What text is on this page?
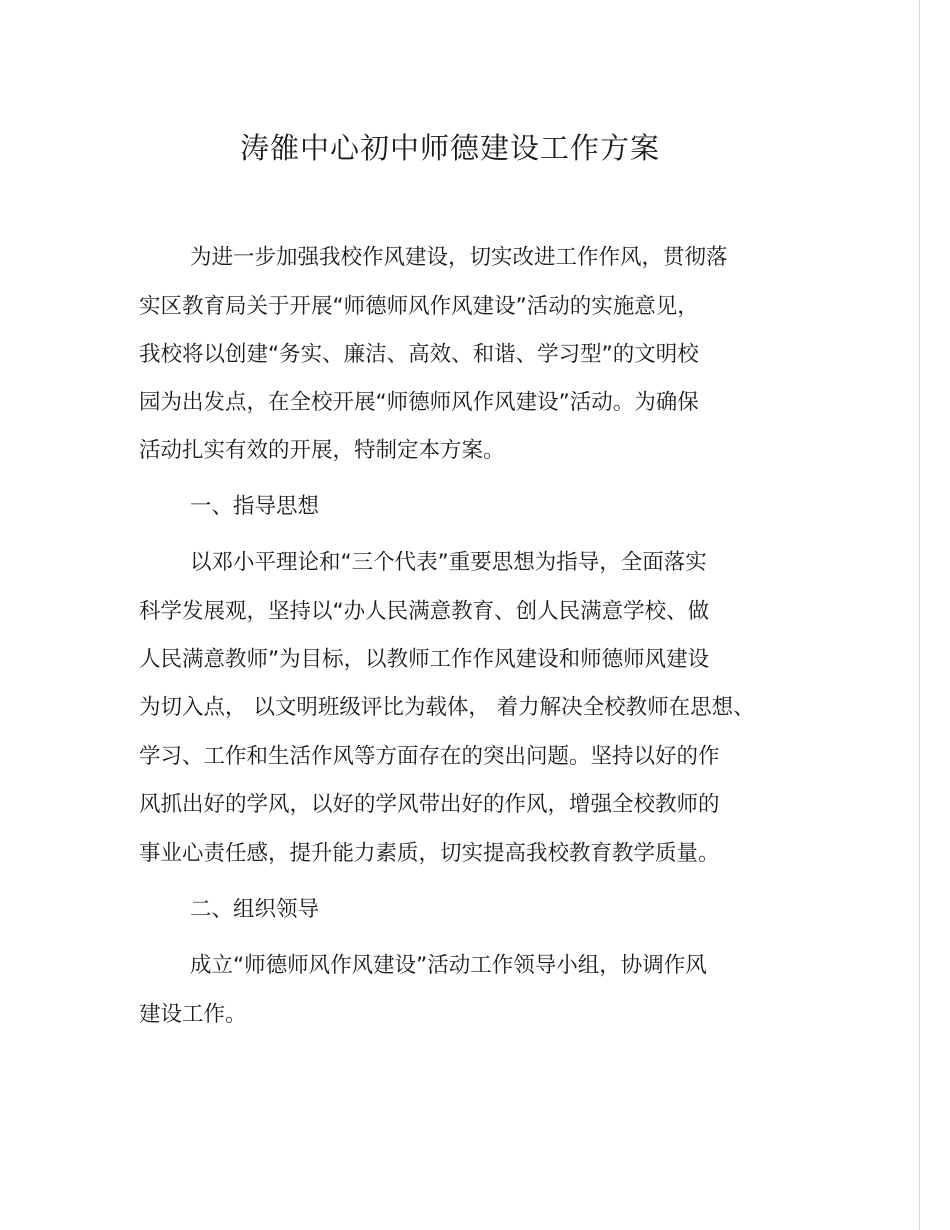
涛雒中心初中师德建设工作方案

为进一步加强我校作风建设，切实改进工作作风，贯彻落

实区教育局关于开展“师德师风作风建设”活动的实施意见，

我校将以创建“务实、廉洁、高效、和谐、学习型”的文明校

园为出发点，在全校开展“师德师风作风建设”活动。为确保

活动扎实有效的开展，特制定本方案。

一、指导思想

以邓小平理论和“三个代表”重要思想为指导，全面落实

科学发展观，坚持以“办人民满意教育、创人民满意学校、做

人民满意教师”为目标，以教师工作作风建设和师德师风建设

为切入点， 以文明班级评比为载体， 着力解决全校教师在思想、

学习、工作和生活作风等方面存在的突出问题。坚持以好的作

风抓出好的学风，以好的学风带出好的作风，增强全校教师的

事业心责任感，提升能力素质，切实提高我校教育教学质量。

二、组织领导

成立“师德师风作风建设”活动工作领导小组，协调作风

建设工作。
